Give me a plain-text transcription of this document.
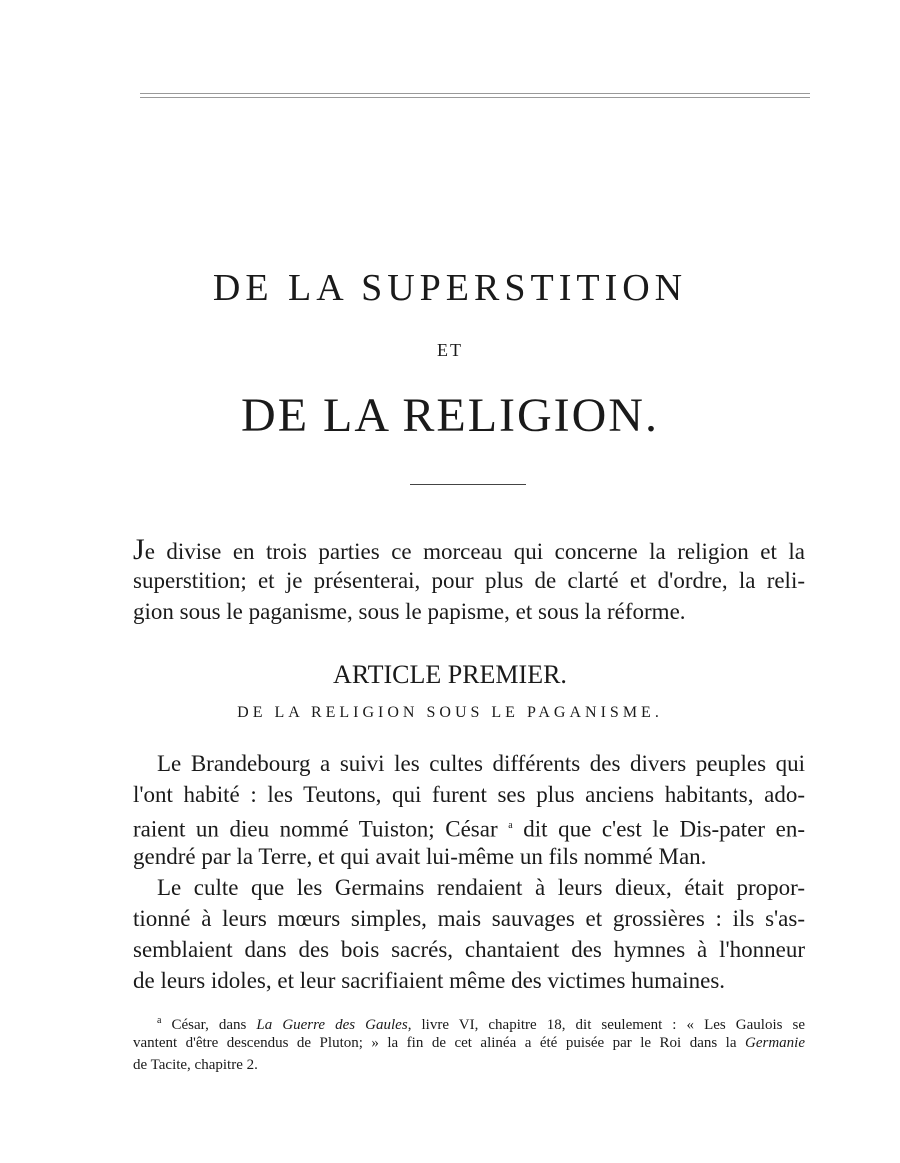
DE LA SUPERSTITION
ET
DE LA RELIGION.
Je divise en trois parties ce morceau qui concerne la religion et la
superstition; et je présenterai, pour plus de clarté et d'ordre, la reli-
gion sous le paganisme, sous le papisme, et sous la réforme.
ARTICLE PREMIER.
DE LA RELIGION SOUS LE PAGANISME.
Le Brandebourg a suivi les cultes différents des divers peuples qui
l'ont habité : les Teutons, qui furent ses plus anciens habitants, ado-
raient un dieu nommé Tuiston; César $^a$ dit que c'est le Dis-pater en-
gendré par la Terre, et qui avait lui-même un fils nommé Man.
Le culte que les Germains rendaient à leurs dieux, était propor-
tionné à leurs mœurs simples, mais sauvages et grossières : ils s'as-
semblaient dans des bois sacrés, chantaient des hymnes à l'honneur
de leurs idoles, et leur sacrifiaient même des victimes humaines.
$^a$ César, dans La Guerre des Gaules, livre VI, chapitre 18, dit seulement : « Les Gaulois se
vantent d'être descendus de Pluton; » la fin de cet alinéa a été puisée par le Roi dans la Germanie
de Tacite, chapitre 2.
